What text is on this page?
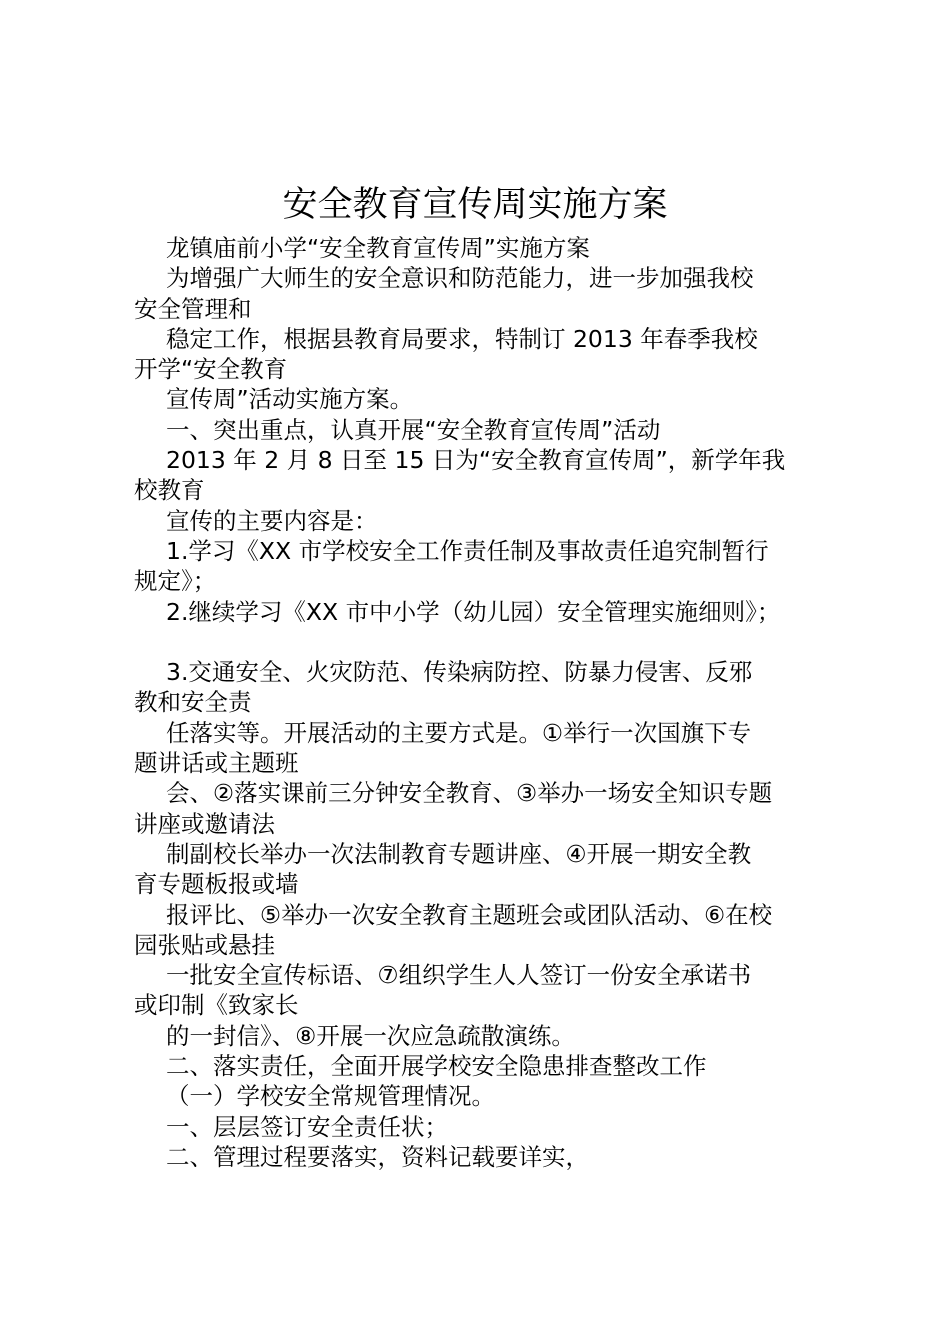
安全教育宣传周实施方案
龙镇庙前小学“安全教育宣传周”实施方案
为增强广大师生的安全意识和防范能力，进一步加强我校
安全管理和
稳定工作，根据县教育局要求，特制订 2013 年春季我校
开学“安全教育
宣传周”活动实施方案。
一、突出重点，认真开展“安全教育宣传周”活动
2013 年 2 月 8 日至 15 日为“安全教育宣传周”，新学年我
校教育
宣传的主要内容是：
1.学习《XX 市学校安全工作责任制及事故责任追究制暂行
规定》；
2.继续学习《XX 市中小学（幼儿园）安全管理实施细则》；
3.交通安全、火灾防范、传染病防控、防暴力侵害、反邪
教和安全责
任落实等。开展活动的主要方式是。①举行一次国旗下专
题讲话或主题班
会、②落实课前三分钟安全教育、③举办一场安全知识专题
讲座或邀请法
制副校长举办一次法制教育专题讲座、④开展一期安全教
育专题板报或墙
报评比、⑤举办一次安全教育主题班会或团队活动、⑥在校
园张贴或悬挂
一批安全宣传标语、⑦组织学生人人签订一份安全承诺书
或印制《致家长
的一封信》、⑧开展一次应急疏散演练。
二、落实责任，全面开展学校安全隐患排查整改工作
（一）学校安全常规管理情况。
一、层层签订安全责任状；
二、管理过程要落实，资料记载要详实，
